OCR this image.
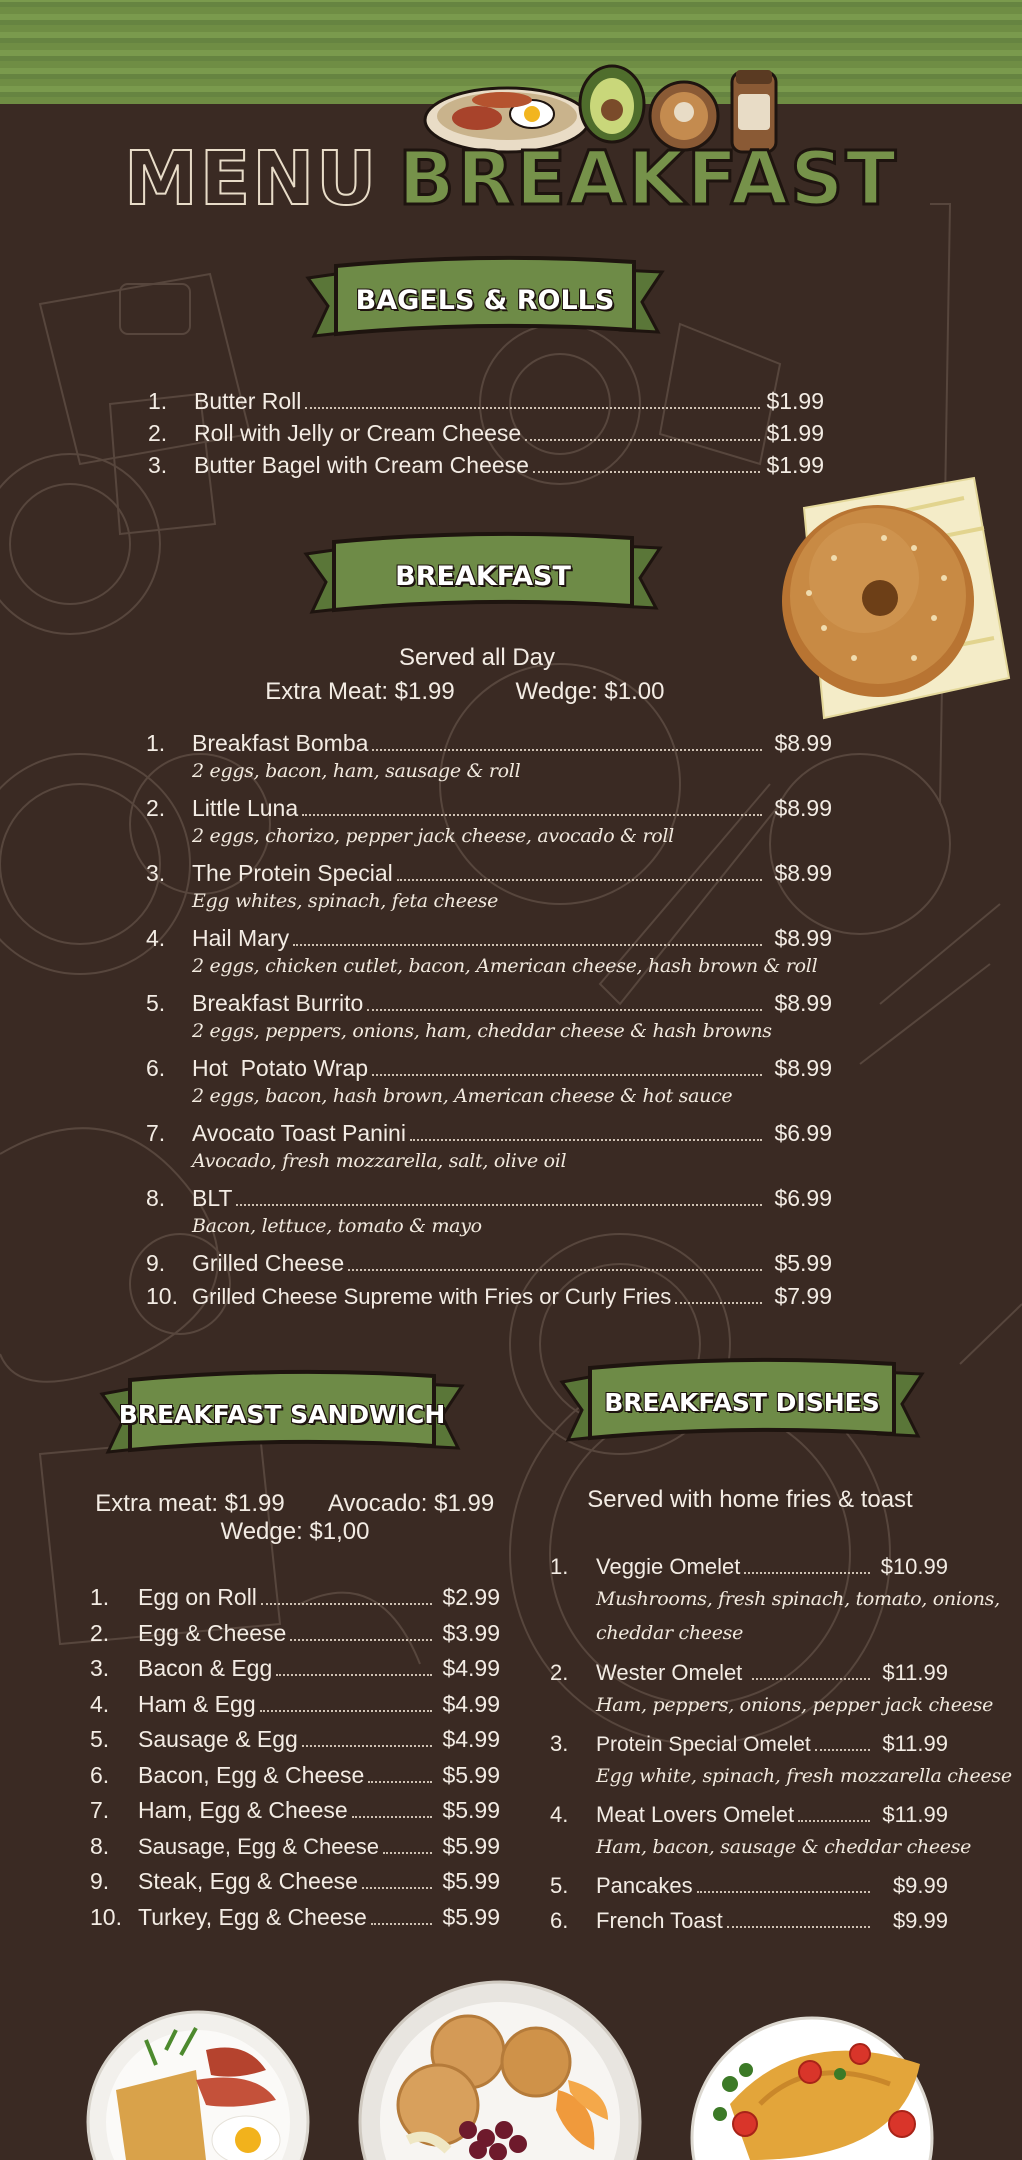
MENU BREAKFAST
BAGELS & ROLLS
1.	Butter Roll	$1.99
2.	Roll with Jelly or Cream Cheese	$1.99
3.	Butter Bagel with Cream Cheese	$1.99
BREAKFAST
Served all Day
Extra Meat: $1.99	Wedge: $1.00
1.	Breakfast Bomba	$8.99
2 eggs, bacon, ham, sausage & roll
2.	Little Luna	$8.99
2 eggs, chorizo, pepper jack cheese, avocado & roll
3.	The Protein Special	$8.99
Egg whites, spinach, feta cheese
4.	Hail Mary	$8.99
2 eggs, chicken cutlet, bacon, American cheese, hash brown & roll
5.	Breakfast Burrito	$8.99
2 eggs, peppers, onions, ham, cheddar cheese & hash browns
6.	Hot  Potato Wrap	$8.99
2 eggs, bacon, hash brown, American cheese & hot sauce
7.	Avocato Toast Panini	$6.99
Avocado, fresh mozzarella, salt, olive oil
8.	BLT	$6.99
Bacon, lettuce, tomato & mayo
9.	Grilled Cheese	$5.99
10. Grilled Cheese Supreme with Fries or Curly Fries	$7.99
BREAKFAST SANDWICH
Extra meat: $1.99	Avocado: $1.99
Wedge: $1,00
1.	Egg on Roll	$2.99
2.	Egg & Cheese	$3.99
3.	Bacon & Egg	$4.99
4.	Ham & Egg	$4.99
5.	Sausage & Egg	$4.99
6.	Bacon, Egg & Cheese	$5.99
7.	Ham, Egg & Cheese	$5.99
8.	Sausage, Egg & Cheese	$5.99
9.	Steak, Egg & Cheese	$5.99
10. Turkey, Egg & Cheese	$5.99
BREAKFAST DISHES
Served with home fries & toast
1.	Veggie Omelet	$10.99
Mushrooms, fresh spinach, tomato, onions,
cheddar cheese
2.	Wester Omelet	$11.99
Ham, peppers, onions, pepper jack cheese
3.	Protein Special Omelet	$11.99
Egg white, spinach, fresh mozzarella cheese
4.	Meat Lovers Omelet	$11.99
Ham, bacon, sausage & cheddar cheese
5.	Pancakes	$9.99
6.	French Toast	$9.99
